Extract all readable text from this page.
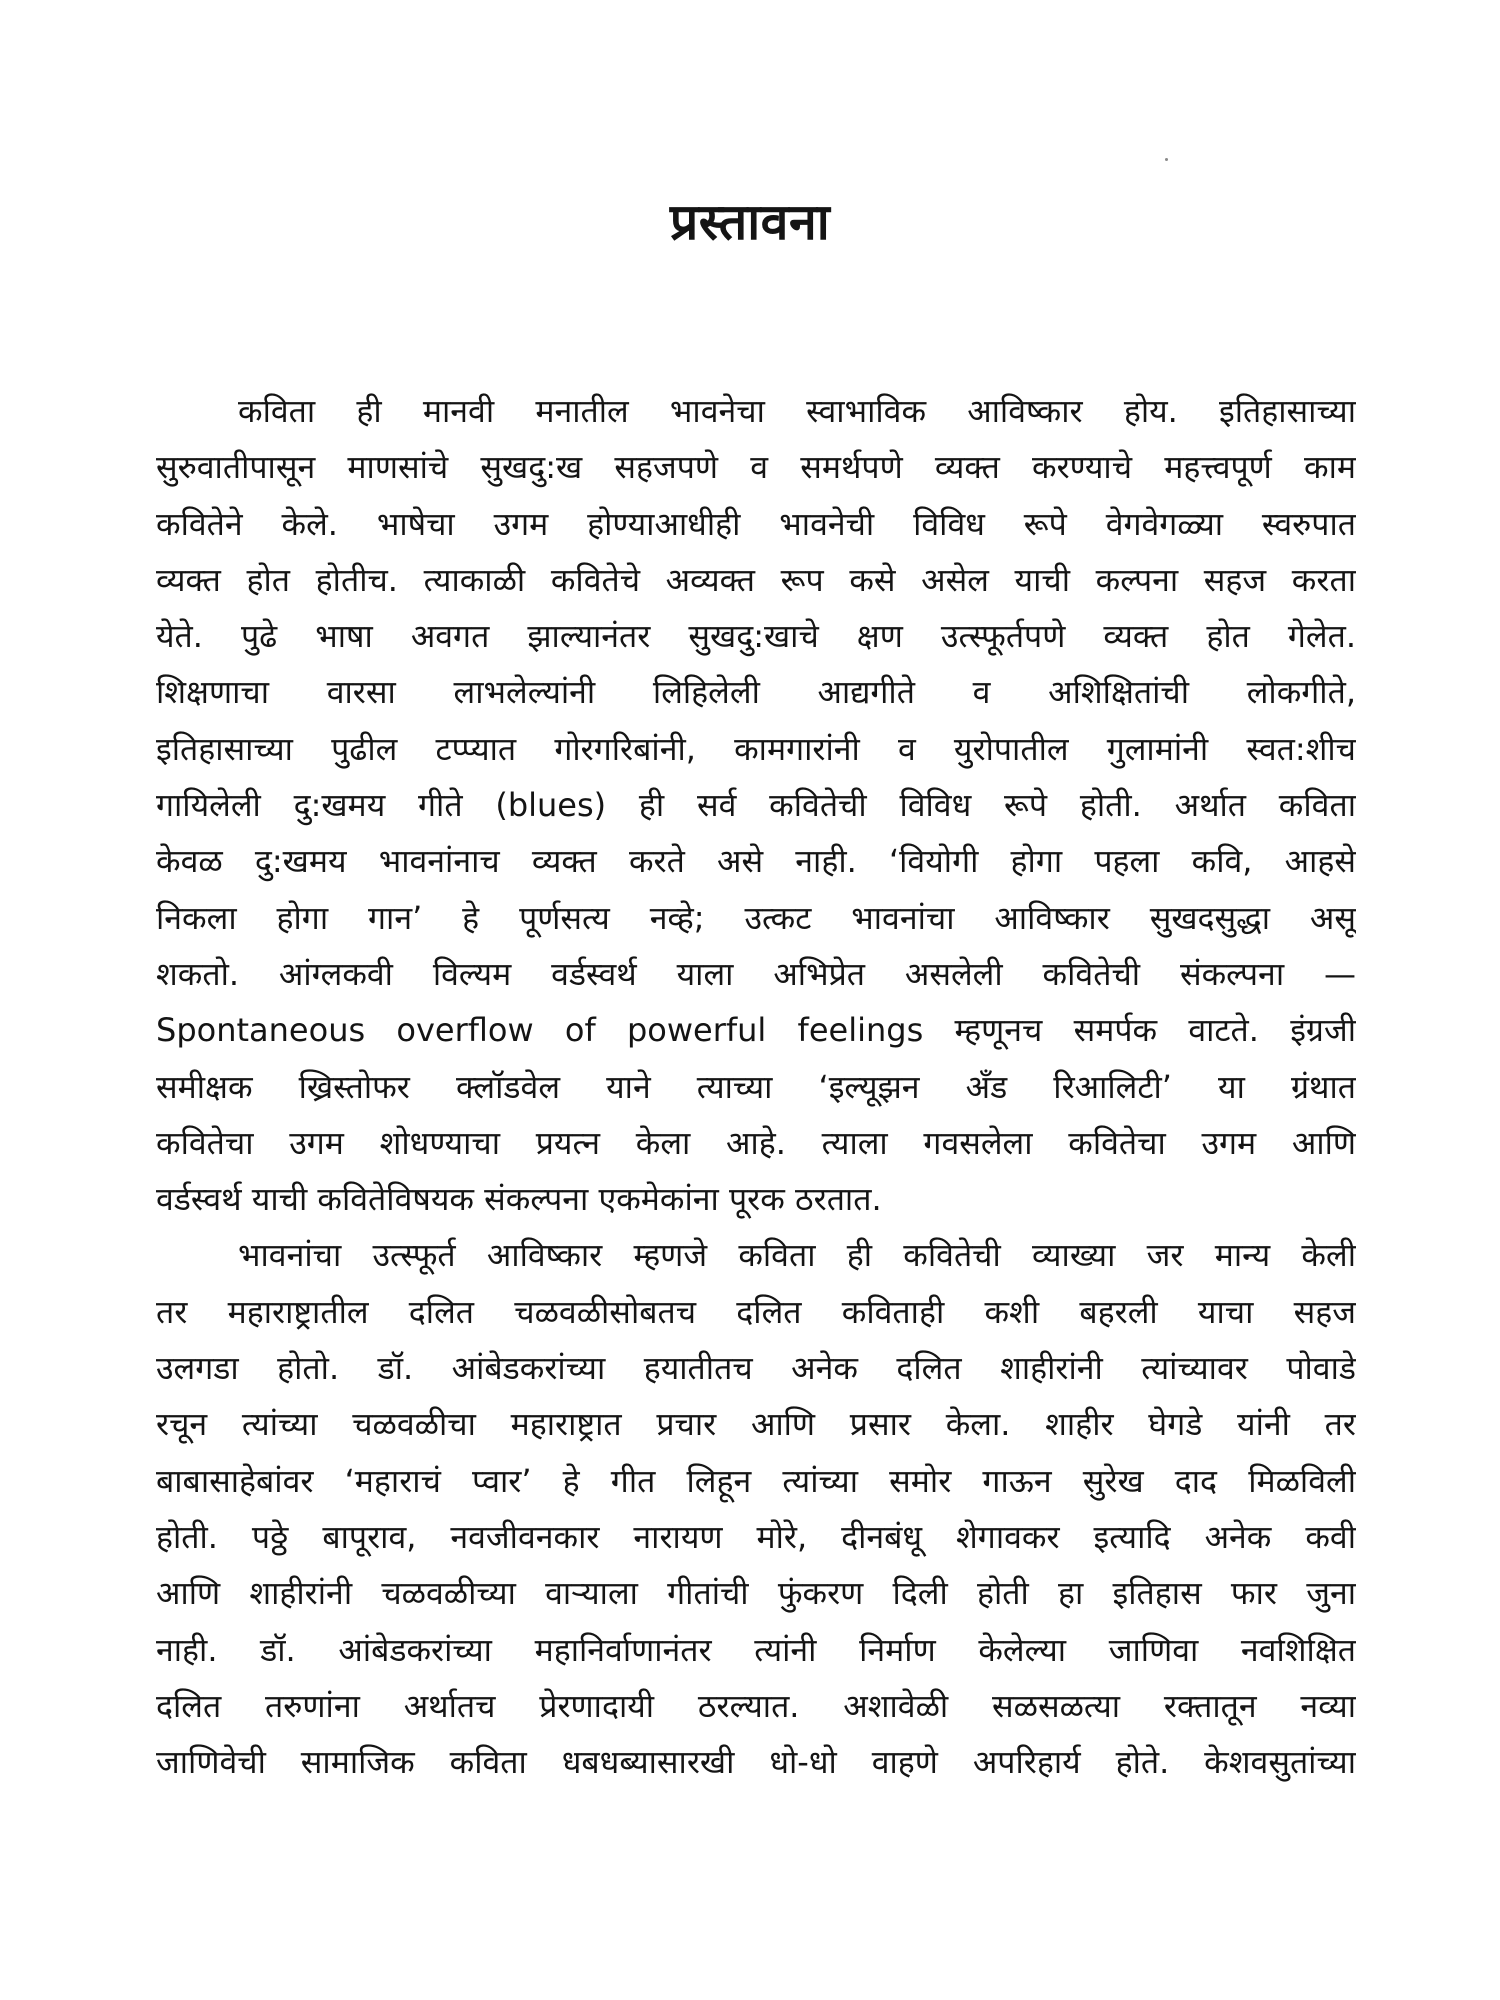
प्रस्तावना
कविता ही मानवी मनातील भावनेचा स्वाभाविक आविष्कार होय. इतिहासाच्या
सुरुवातीपासून माणसांचे सुखदु:ख सहजपणे व समर्थपणे व्यक्त करण्याचे महत्त्वपूर्ण काम
कवितेने केले. भाषेचा उगम होण्याआधीही भावनेची विविध रूपे वेगवेगळ्या स्वरुपात
व्यक्त होत होतीच. त्याकाळी कवितेचे अव्यक्त रूप कसे असेल याची कल्पना सहज करता
येते. पुढे भाषा अवगत झाल्यानंतर सुखदु:खाचे क्षण उत्स्फूर्तपणे व्यक्त होत गेलेत.
शिक्षणाचा वारसा लाभलेल्यांनी लिहिलेली आद्यगीते व अशिक्षितांची लोकगीते,
इतिहासाच्या पुढील टप्प्यात गोरगरिबांनी, कामगारांनी व युरोपातील गुलामांनी स्वत:शीच
गायिलेली दु:खमय गीते (blues) ही सर्व कवितेची विविध रूपे होती. अर्थात कविता
केवळ दु:खमय भावनांनाच व्यक्त करते असे नाही. ‘वियोगी होगा पहला कवि, आहसे
निकला होगा गान’ हे पूर्णसत्य नव्हे; उत्कट भावनांचा आविष्कार सुखदसुद्धा असू
शकतो. आंग्लकवी विल्यम वर्डस्वर्थ याला अभिप्रेत असलेली कवितेची संकल्पना —
Spontaneous overflow of powerful feelings म्हणूनच समर्पक वाटते. इंग्रजी
समीक्षक ख्रिस्तोफर क्लॉडवेल याने त्याच्या ‘इल्यूझन अँड रिआलिटी’ या ग्रंथात
कवितेचा उगम शोधण्याचा प्रयत्न केला आहे. त्याला गवसलेला कवितेचा उगम आणि
वर्डस्वर्थ याची कवितेविषयक संकल्पना एकमेकांना पूरक ठरतात.
भावनांचा उत्स्फूर्त आविष्कार म्हणजे कविता ही कवितेची व्याख्या जर मान्य केली
तर महाराष्ट्रातील दलित चळवळीसोबतच दलित कविताही कशी बहरली याचा सहज
उलगडा होतो. डॉ. आंबेडकरांच्या हयातीतच अनेक दलित शाहीरांनी त्यांच्यावर पोवाडे
रचून त्यांच्या चळवळीचा महाराष्ट्रात प्रचार आणि प्रसार केला. शाहीर घेगडे यांनी तर
बाबासाहेबांवर ‘महाराचं प्वार’ हे गीत लिहून त्यांच्या समोर गाऊन सुरेख दाद मिळविली
होती. पठ्ठे बापूराव, नवजीवनकार नारायण मोरे, दीनबंधू शेगावकर इत्यादि अनेक कवी
आणि शाहीरांनी चळवळीच्या वाऱ्याला गीतांची फुंकरण दिली होती हा इतिहास फार जुना
नाही. डॉ. आंबेडकरांच्या महानिर्वाणानंतर त्यांनी निर्माण केलेल्या जाणिवा नवशिक्षित
दलित तरुणांना अर्थातच प्रेरणादायी ठरल्यात. अशावेळी सळसळत्या रक्तातून नव्या
जाणिवेची सामाजिक कविता धबधब्यासारखी धो-धो वाहणे अपरिहार्य होते. केशवसुतांच्या
